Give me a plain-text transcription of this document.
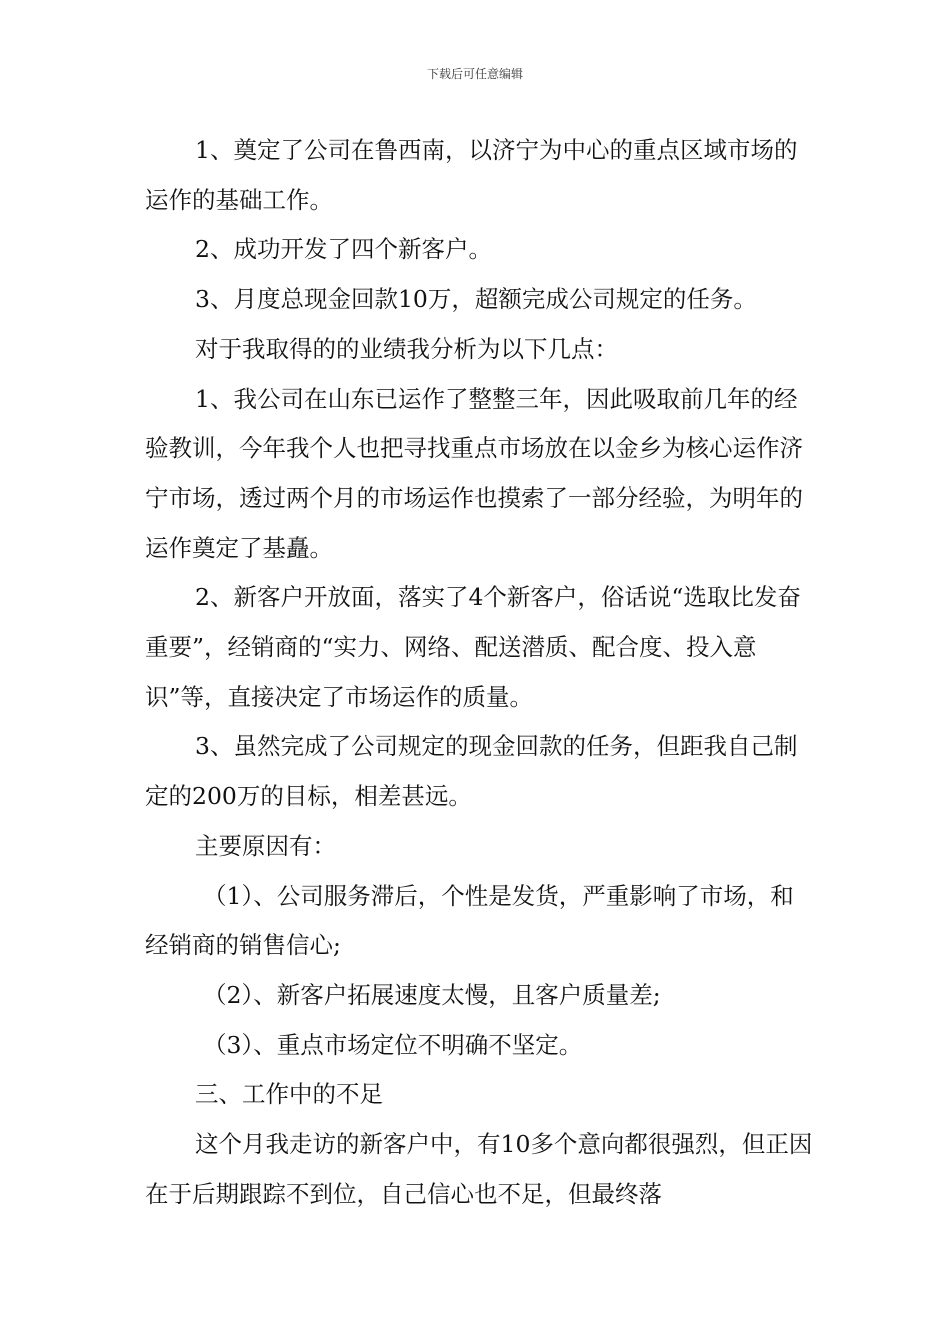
下载后可任意编辑

1、奠定了公司在鲁西南，以济宁为中心的重点区域市场的运作的基础工作。

2、成功开发了四个新客户。

3、月度总现金回款10万，超额完成公司规定的任务。

对于我取得的的业绩我分析为以下几点：

1、我公司在山东已运作了整整三年，因此吸取前几年的经验教训，今年我个人也把寻找重点市场放在以金乡为核心运作济宁市场，透过两个月的市场运作也摸索了一部分经验，为明年的运作奠定了基矗。

2、新客户开放面，落实了4个新客户，俗话说“选取比发奋重要”，经销商的“实力、网络、配送潜质、配合度、投入意识”等，直接决定了市场运作的质量。

3、虽然完成了公司规定的现金回款的任务，但距我自己制定的200万的目标，相差甚远。

主要原因有：

（1）、公司服务滞后，个性是发货，严重影响了市场，和经销商的销售信心;

（2）、新客户拓展速度太慢，且客户质量差;

（3）、重点市场定位不明确不坚定。

三、工作中的不足

这个月我走访的新客户中，有10多个意向都很强烈，但正因在于后期跟踪不到位，自己信心也不足，但最终落
